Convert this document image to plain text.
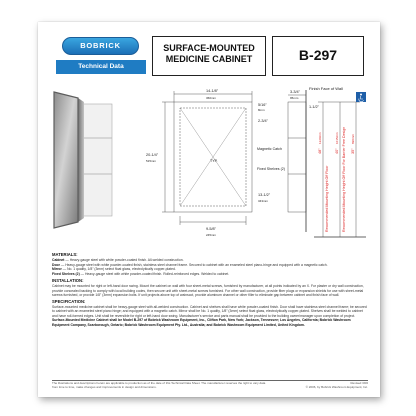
BOBRICK
Technical Data
SURFACE-MOUNTED
MEDICINE CABINET	B-297
Finish Face of Wall
14-1/8"
360mm
5/16"
8mm
3-3/4"
95mm
2-3/4"
1-1/2"
20-1/4"
515mm
Magnetic Catch
Fixed Shelves (2)
TYP.
13-1/2"
343mm
9-5/8"
245mm
Recommended Mounting Height Off Floor	Recommended Mounting Height Off Floor For Barrier Free Design
48"
1220mm
40"
1015mm
35"
890mm
MATERIALS:

Cabinet — Heavy-gauge steel with white powder-coated finish. All-welded construction.

Door — Heavy-gauge steel with white powder-coated finish, stainless steel channel frame. Secured to cabinet with an enameled steel piano-hinge and equipped with a magnetic catch.

Mirror — No. 1 quality, 1/8" (3mm) select float glass, electrolytically copper-plated.

Fixed Shelves (2) — Heavy-gauge steel with white powder-coated finish. Rolled-reinforced edges. Welded to cabinet.

INSTALLATION:

Cabinet may be mounted for right or left-hand door swing. Mount the cabinet on wall with four sheet-metal screws, furnished by manufacturer, at all points indicated by an X. For plaster or dry wall construction, provide concealed backing to comply with local building codes, then secure unit with sheet-metal screws furnished. For other wall construction, provide fiber plugs or expansion shields for use with sheet-metal screws furnished, or provide 1/8" (3mm) expansion bolts. If unit projects above top of wainscot, provide aluminum channel or other filler to eliminate gap between cabinet and finish face of wall.

SPECIFICATION:

Surface-mounted medicine cabinet shall be heavy-gauge steel with all-welded construction. Cabinet and shelves shall have white powder-coated finish. Door shall have stainless steel channel frame; be secured to cabinet with an enameled steel piano hinge; and equipped with a magnetic catch. Mirror shall be No. 1 quality, 1/8" (3mm) select float glass, electrolytically copper-plated. Shelves shall be welded to cabinet and have roll-formed edges. Unit shall be reversible for right or left-hand door swing. Manufacturer's service and parts manual shall be provided to the building owner/manager upon completion of project.

Surface-Mounted Medicine Cabinet shall be Model B-297 of Bobrick Washroom Equipment, Inc., Clifton Park, New York; Jackson, Tennessee; Los Angeles, California; Bobrick Washroom Equipment Company, Scarborough, Ontario; Bobrick Washroom Equipment Pty. Ltd., Australia; and Bobrick Washroom Equipment Limited, United Kingdom.

The illustrations and descriptions herein are applicable to production as of the date of this Technical Data Sheet. The manufacturer reserves the right to vary data from time to time, make changes and improvements in design and dimensions.
Revised 3/06
© 2006, by Bobrick Washroom Equipment, Inc.
